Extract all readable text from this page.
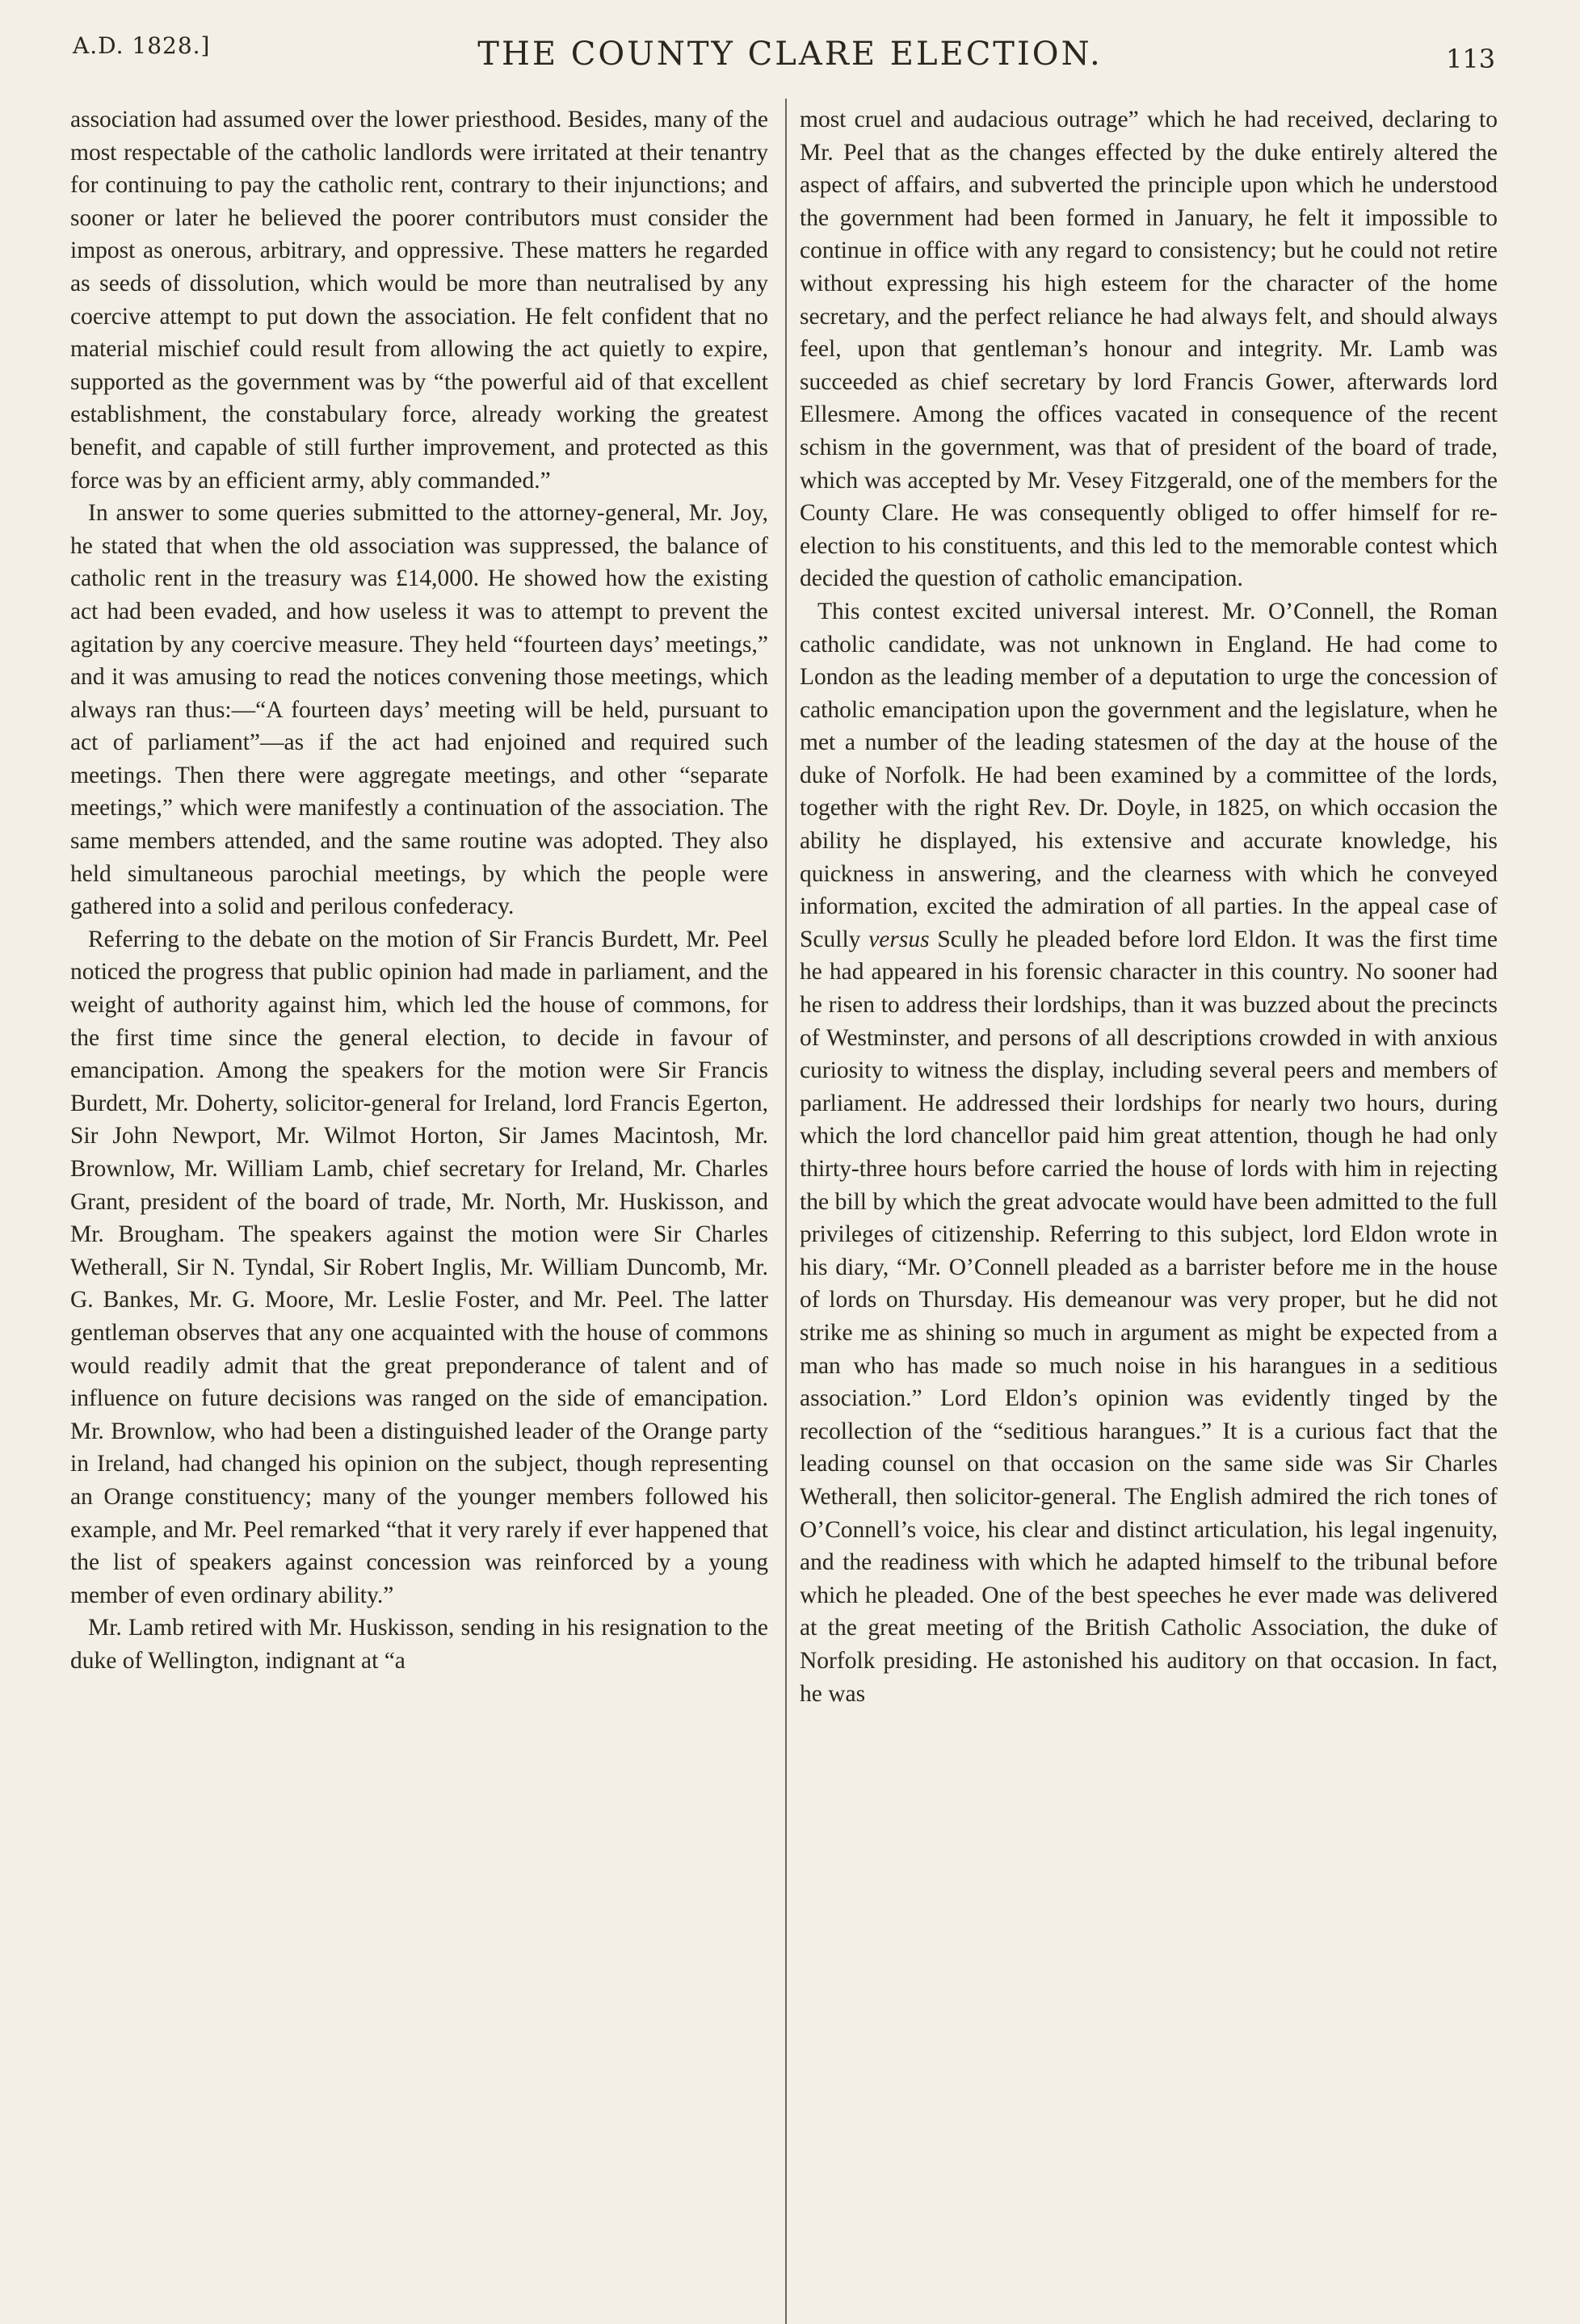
A.D. 1828.]	THE COUNTY CLARE ELECTION.	113

association had assumed over the lower priesthood. Besides, many of the most respectable of the catholic landlords were irritated at their tenantry for continuing to pay the catholic rent, contrary to their injunctions; and sooner or later he believed the poorer contributors must consider the impost as onerous, arbitrary, and oppressive. These matters he regarded as seeds of dissolution, which would be more than neutralised by any coercive attempt to put down the association. He felt confident that no material mischief could result from allowing the act quietly to expire, supported as the government was by “the powerful aid of that excellent establishment, the constabulary force, already working the greatest benefit, and capable of still further improvement, and protected as this force was by an efficient army, ably commanded.”

In answer to some queries submitted to the attorney-general, Mr. Joy, he stated that when the old association was suppressed, the balance of catholic rent in the treasury was £14,000. He showed how the existing act had been evaded, and how useless it was to attempt to prevent the agitation by any coercive measure. They held “fourteen days’ meetings,” and it was amusing to read the notices convening those meetings, which always ran thus:—“A fourteen days’ meeting will be held, pursuant to act of parliament”—as if the act had enjoined and required such meetings. Then there were aggregate meetings, and other “separate meetings,” which were manifestly a continuation of the association. The same members attended, and the same routine was adopted. They also held simultaneous parochial meetings, by which the people were gathered into a solid and perilous confederacy.

Referring to the debate on the motion of Sir Francis Burdett, Mr. Peel noticed the progress that public opinion had made in parliament, and the weight of authority against him, which led the house of commons, for the first time since the general election, to decide in favour of emancipation. Among the speakers for the motion were Sir Francis Burdett, Mr. Doherty, solicitor-general for Ireland, lord Francis Egerton, Sir John Newport, Mr. Wilmot Horton, Sir James Macintosh, Mr. Brownlow, Mr. William Lamb, chief secretary for Ireland, Mr. Charles Grant, president of the board of trade, Mr. North, Mr. Huskisson, and Mr. Brougham. The speakers against the motion were Sir Charles Wetherall, Sir N. Tyndal, Sir Robert Inglis, Mr. William Duncomb, Mr. G. Bankes, Mr. G. Moore, Mr. Leslie Foster, and Mr. Peel. The latter gentleman observes that any one acquainted with the house of commons would readily admit that the great preponderance of talent and of influence on future decisions was ranged on the side of emancipation. Mr. Brownlow, who had been a distinguished leader of the Orange party in Ireland, had changed his opinion on the subject, though representing an Orange constituency; many of the younger members followed his example, and Mr. Peel remarked “that it very rarely if ever happened that the list of speakers against concession was reinforced by a young member of even ordinary ability.”

Mr. Lamb retired with Mr. Huskisson, sending in his resignation to the duke of Wellington, indignant at “a

most cruel and audacious outrage” which he had received, declaring to Mr. Peel that as the changes effected by the duke entirely altered the aspect of affairs, and subverted the principle upon which he understood the government had been formed in January, he felt it impossible to continue in office with any regard to consistency; but he could not retire without expressing his high esteem for the character of the home secretary, and the perfect reliance he had always felt, and should always feel, upon that gentleman’s honour and integrity. Mr. Lamb was succeeded as chief secretary by lord Francis Gower, afterwards lord Ellesmere. Among the offices vacated in consequence of the recent schism in the government, was that of president of the board of trade, which was accepted by Mr. Vesey Fitzgerald, one of the members for the County Clare. He was consequently obliged to offer himself for re-election to his constituents, and this led to the memorable contest which decided the question of catholic emancipation.

This contest excited universal interest. Mr. O’Connell, the Roman catholic candidate, was not unknown in England. He had come to London as the leading member of a deputation to urge the concession of catholic emancipation upon the government and the legislature, when he met a number of the leading statesmen of the day at the house of the duke of Norfolk. He had been examined by a committee of the lords, together with the right Rev. Dr. Doyle, in 1825, on which occasion the ability he displayed, his extensive and accurate knowledge, his quickness in answering, and the clearness with which he conveyed information, excited the admiration of all parties. In the appeal case of Scully versus Scully he pleaded before lord Eldon. It was the first time he had appeared in his forensic character in this country. No sooner had he risen to address their lordships, than it was buzzed about the precincts of Westminster, and persons of all descriptions crowded in with anxious curiosity to witness the display, including several peers and members of parliament. He addressed their lordships for nearly two hours, during which the lord chancellor paid him great attention, though he had only thirty-three hours before carried the house of lords with him in rejecting the bill by which the great advocate would have been admitted to the full privileges of citizenship. Referring to this subject, lord Eldon wrote in his diary, “Mr. O’Connell pleaded as a barrister before me in the house of lords on Thursday. His demeanour was very proper, but he did not strike me as shining so much in argument as might be expected from a man who has made so much noise in his harangues in a seditious association.” Lord Eldon’s opinion was evidently tinged by the recollection of the “seditious harangues.” It is a curious fact that the leading counsel on that occasion on the same side was Sir Charles Wetherall, then solicitor-general. The English admired the rich tones of O’Connell’s voice, his clear and distinct articulation, his legal ingenuity, and the readiness with which he adapted himself to the tribunal before which he pleaded. One of the best speeches he ever made was delivered at the great meeting of the British Catholic Association, the duke of Norfolk presiding. He astonished his auditory on that occasion. In fact, he was
